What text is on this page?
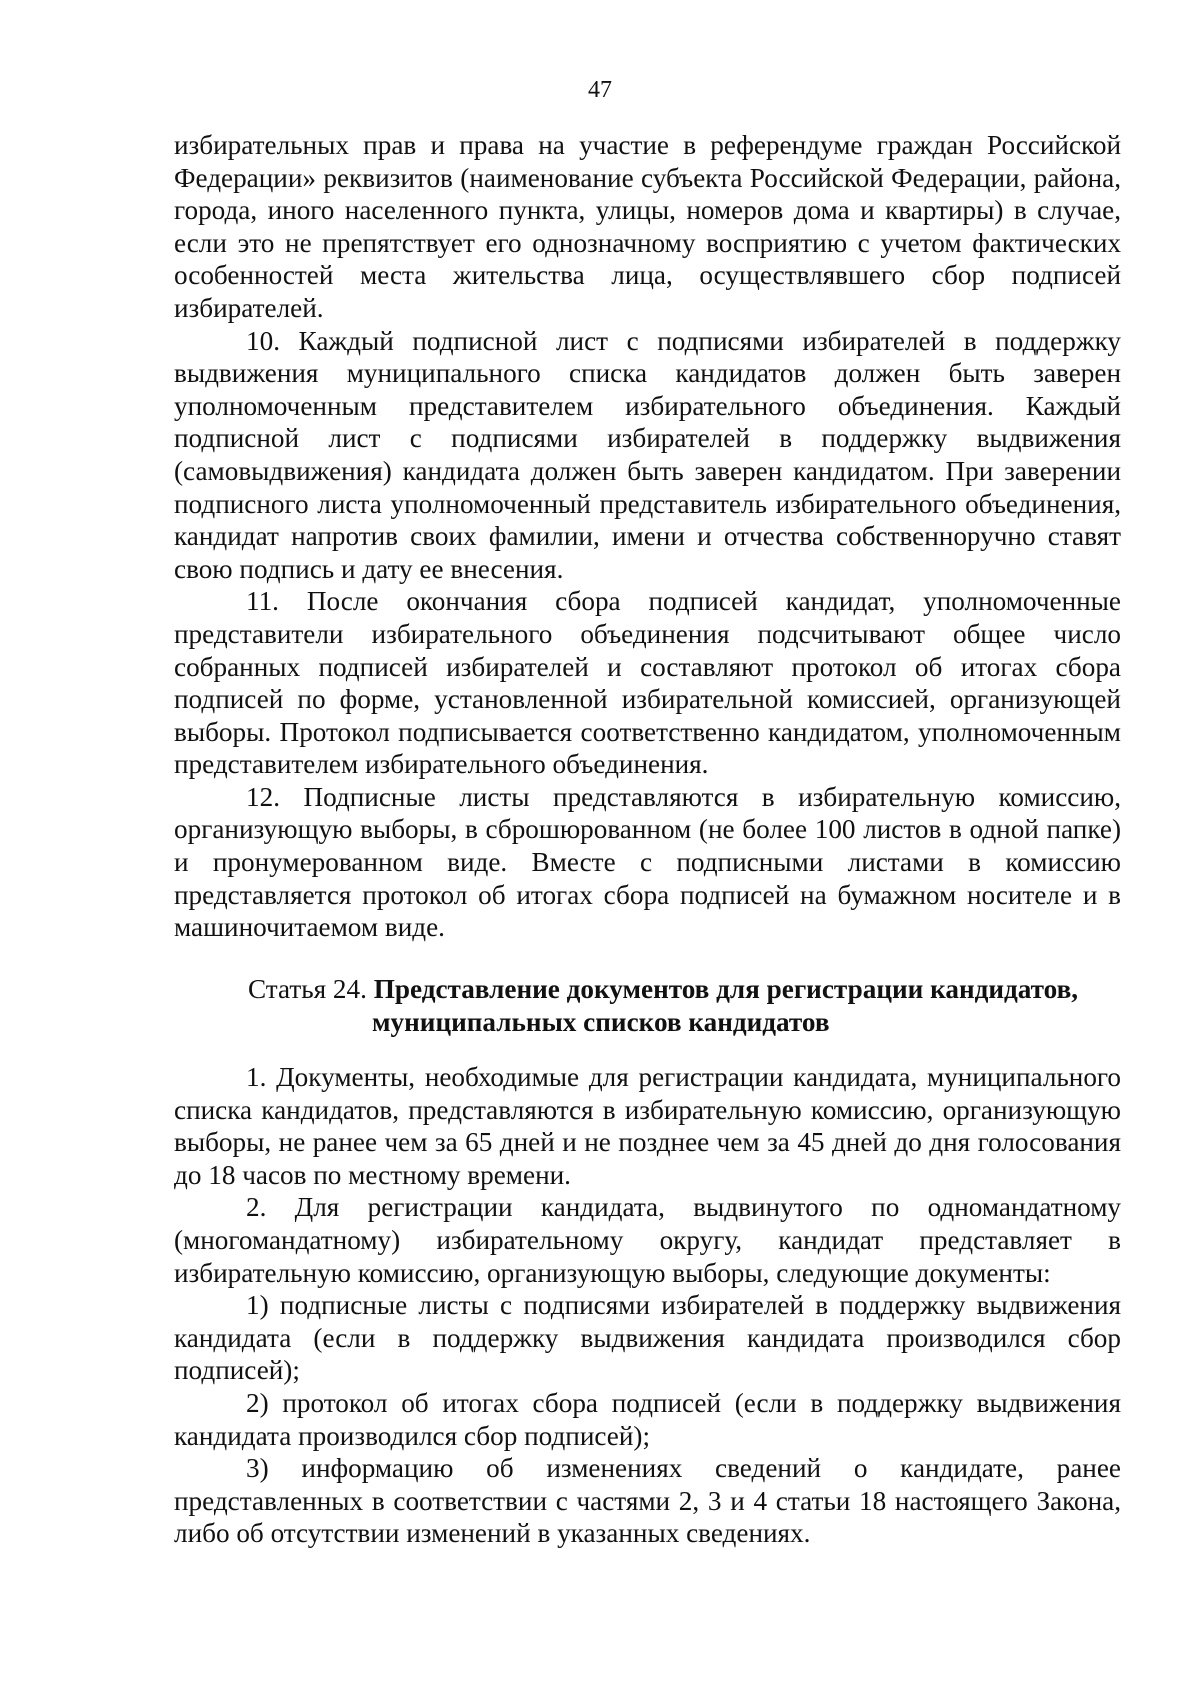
47

избирательных прав и права на участие в референдуме граждан Российской Федерации» реквизитов (наименование субъекта Российской Федерации, района, города, иного населенного пункта, улицы, номеров дома и квартиры) в случае, если это не препятствует его однозначному восприятию с учетом фактических особенностей места жительства лица, осуществлявшего сбор подписей избирателей.

10. Каждый подписной лист с подписями избирателей в поддержку выдвижения муниципального списка кандидатов должен быть заверен уполномоченным представителем избирательного объединения. Каждый подписной лист с подписями избирателей в поддержку выдвижения (самовыдвижения) кандидата должен быть заверен кандидатом. При заверении подписного листа уполномоченный представитель избирательного объединения, кандидат напротив своих фамилии, имени и отчества собственноручно ставят свою подпись и дату ее внесения.

11. После окончания сбора подписей кандидат, уполномоченные представители избирательного объединения подсчитывают общее число собранных подписей избирателей и составляют протокол об итогах сбора подписей по форме, установленной избирательной комиссией, организующей выборы. Протокол подписывается соответственно кандидатом, уполномоченным представителем избирательного объединения.

12. Подписные листы представляются в избирательную комиссию, организующую выборы, в сброшюрованном (не более 100 листов в одной папке) и пронумерованном виде. Вместе с подписными листами в комиссию представляется протокол об итогах сбора подписей на бумажном носителе и в машиночитаемом виде.

Статья 24. Представление документов для регистрации кандидатов,
муниципальных списков кандидатов

1. Документы, необходимые для регистрации кандидата, муниципального списка кандидатов, представляются в избирательную комиссию, организующую выборы, не ранее чем за 65 дней и не позднее чем за 45 дней до дня голосования до 18 часов по местному времени.

2. Для регистрации кандидата, выдвинутого по одномандатному (многомандатному) избирательному округу, кандидат представляет в избирательную комиссию, организующую выборы, следующие документы:

1) подписные листы с подписями избирателей в поддержку выдвижения кандидата (если в поддержку выдвижения кандидата производился сбор подписей);

2) протокол об итогах сбора подписей (если в поддержку выдвижения кандидата производился сбор подписей);

3) информацию об изменениях сведений о кандидате, ранее представленных в соответствии с частями 2, 3 и 4 статьи 18 настоящего Закона, либо об отсутствии изменений в указанных сведениях.
